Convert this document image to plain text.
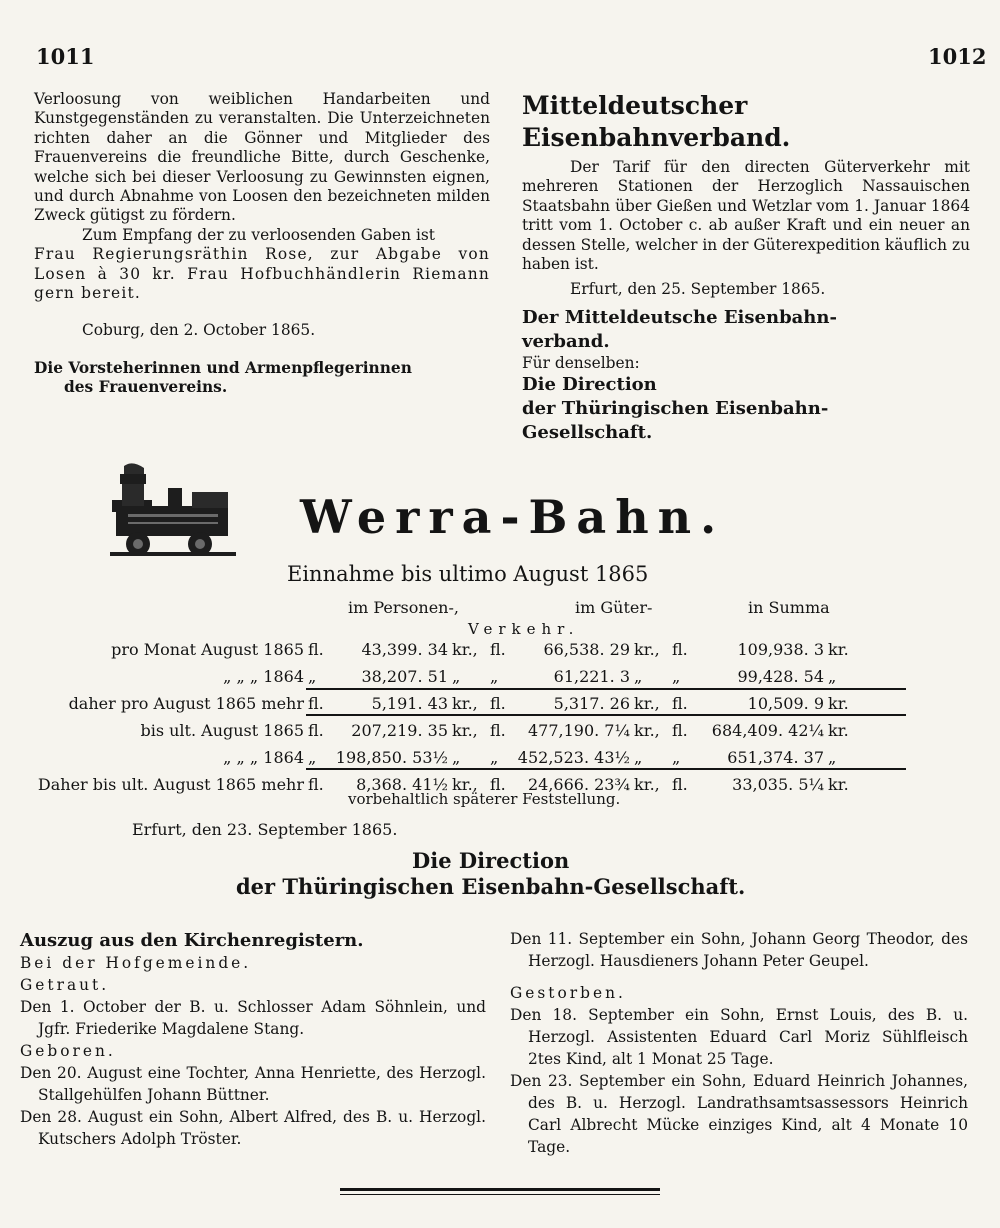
1011	1012

Verloosung von weiblichen Handarbeiten und Kunstgegenständen zu veranstalten. Die Unterzeichneten richten daher an die Gönner und Mitglieder des Frauenvereins die freundliche Bitte, durch Geschenke, welche sich bei dieser Verloosung zu Gewinnsten eignen, und durch Abnahme von Loosen den bezeichneten milden Zweck gütigst zu fördern.

Zum Empfang der zu verloosenden Gaben ist

Frau Regierungsräthin Rose, zur Abgabe von Losen à 30 kr. Frau Hofbuchhändlerin Riemann gern bereit.

Coburg, den 2. October 1865.

Die Vorsteherinnen und Armenpflegerinnen

des Frauenvereins.

Mitteldeutscher Eisenbahnverband.

Der Tarif für den directen Güterverkehr mit mehreren Stationen der Herzoglich Nassauischen Staatsbahn über Gießen und Wetzlar vom 1. Januar 1864 tritt vom 1. October c. ab außer Kraft und ein neuer an dessen Stelle, welcher in der Güterexpedition käuflich zu haben ist.

Erfurt, den 25. September 1865.

Der Mitteldeutsche Eisenbahn-

verband.

Für denselben:

Die Direction

der Thüringischen Eisenbahn-

Gesellschaft.

Werra-Bahn.
Einnahme bis ultimo August 1865
im Personen-,	im Güter-	in Summa
Verkehr.
pro Monat August 1865	fl.	43,399. 34	kr.,	fl.	66,538. 29	kr.,	fl.	109,938. 3	kr.
„ „ „ 1864	„	38,207. 51	„	„	61,221. 3	„	„	99,428. 54	„
daher pro August 1865 mehr	fl.	5,191. 43	kr.,	fl.	5,317. 26	kr.,	fl.	10,509. 9	kr.
bis ult. August 1865	fl.	207,219. 35	kr.,	fl.	477,190. 7¼	kr.,	fl.	684,409. 42¼	kr.
„ „ „ 1864	„	198,850. 53½	„	„	452,523. 43½	„	„	651,374. 37	„
Daher bis ult. August 1865 mehr	fl.	8,368. 41½	kr.,	fl.	24,666. 23¾	kr.,	fl.	33,035. 5¼	kr.
vorbehaltlich späterer Feststellung.
Erfurt, den 23. September 1865.
Die Direction
der Thüringischen Eisenbahn-Gesellschaft.

Auszug aus den Kirchenregistern.

Bei der Hofgemeinde.

Getraut.

Den 1. October der B. u. Schlosser Adam Söhnlein, und Jgfr. Friederike Magdalene Stang.

Geboren.

Den 20. August eine Tochter, Anna Henriette, des Herzogl. Stallgehülfen Johann Büttner.

Den 28. August ein Sohn, Albert Alfred, des B. u. Herzogl. Kutschers Adolph Tröster.

Den 11. September ein Sohn, Johann Georg Theodor, des Herzogl. Hausdieners Johann Peter Geupel.

Gestorben.

Den 18. September ein Sohn, Ernst Louis, des B. u. Herzogl. Assistenten Eduard Carl Moriz Sühlfleisch 2tes Kind, alt 1 Monat 25 Tage.

Den 23. September ein Sohn, Eduard Heinrich Johannes, des B. u. Herzogl. Landrathsamtsassessors Heinrich Carl Albrecht Mücke einziges Kind, alt 4 Monate 10 Tage.
